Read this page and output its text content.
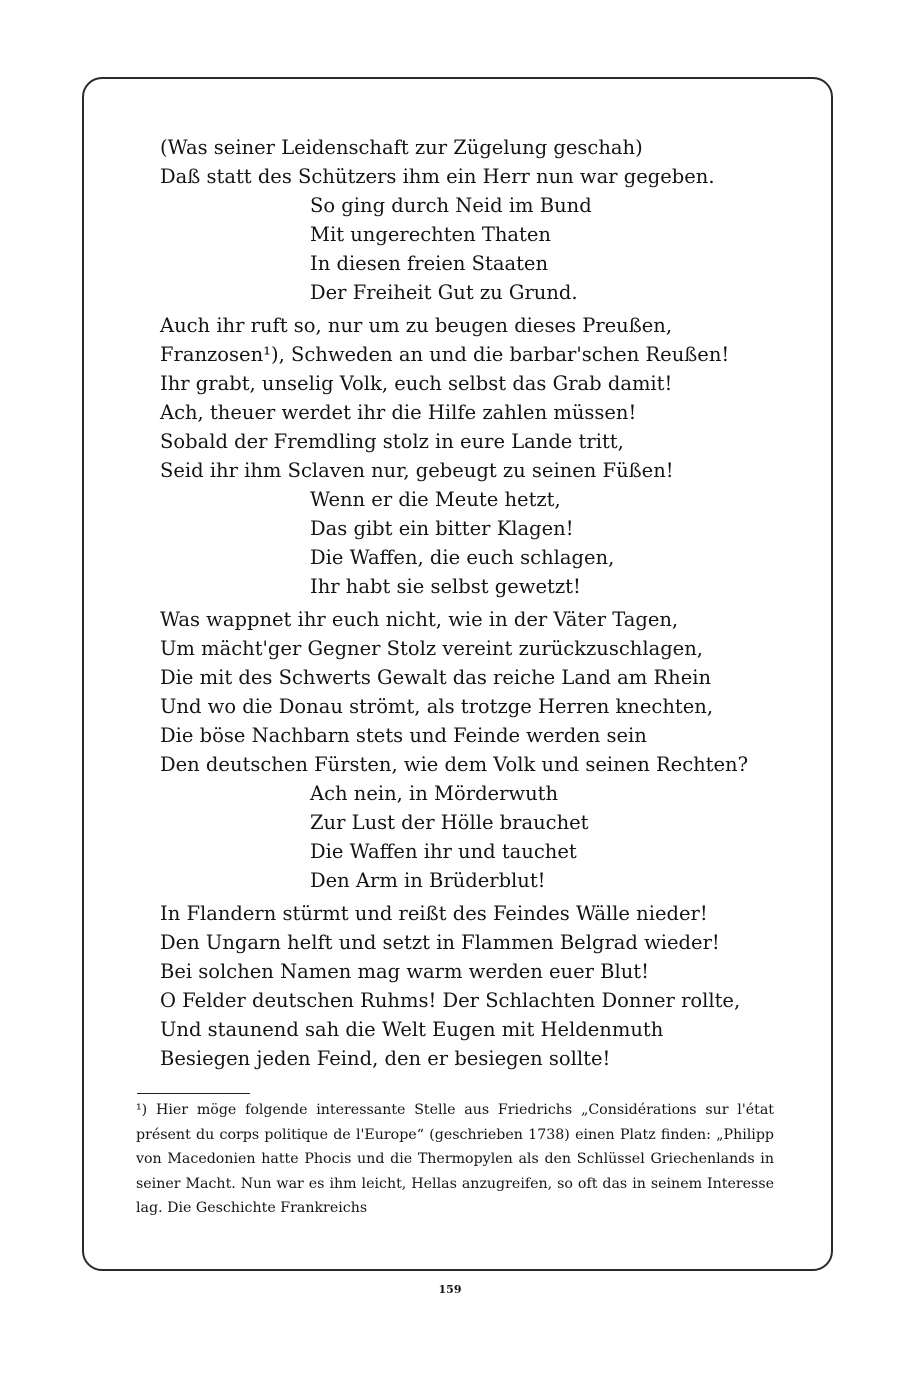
(Was seiner Leidenschaft zur Zügelung geschah)
Daß statt des Schützers ihm ein Herr nun war gegeben.
So ging durch Neid im Bund
Mit ungerechten Thaten
In diesen freien Staaten
Der Freiheit Gut zu Grund.
Auch ihr ruft so, nur um zu beugen dieses Preußen,
Franzosen¹), Schweden an und die barbar'schen Reußen!
Ihr grabt, unselig Volk, euch selbst das Grab damit!
Ach, theuer werdet ihr die Hilfe zahlen müssen!
Sobald der Fremdling stolz in eure Lande tritt,
Seid ihr ihm Sclaven nur, gebeugt zu seinen Füßen!
Wenn er die Meute hetzt,
Das gibt ein bitter Klagen!
Die Waffen, die euch schlagen,
Ihr habt sie selbst gewetzt!
Was wappnet ihr euch nicht, wie in der Väter Tagen,
Um mächt'ger Gegner Stolz vereint zurückzuschlagen,
Die mit des Schwerts Gewalt das reiche Land am Rhein
Und wo die Donau strömt, als trotzge Herren knechten,
Die böse Nachbarn stets und Feinde werden sein
Den deutschen Fürsten, wie dem Volk und seinen Rechten?
Ach nein, in Mörderwuth
Zur Lust der Hölle brauchet
Die Waffen ihr und tauchet
Den Arm in Brüderblut!
In Flandern stürmt und reißt des Feindes Wälle nieder!
Den Ungarn helft und setzt in Flammen Belgrad wieder!
Bei solchen Namen mag warm werden euer Blut!
O Felder deutschen Ruhms! Der Schlachten Donner rollte,
Und staunend sah die Welt Eugen mit Heldenmuth
Besiegen jeden Feind, den er besiegen sollte!
¹) Hier möge folgende interessante Stelle aus Friedrichs „Considérations sur l'état présent du corps politique de l'Europe“ (geschrieben 1738) einen Platz finden: „Philipp von Macedonien hatte Phocis und die Thermopylen als den Schlüssel Griechenlands in seiner Macht. Nun war es ihm leicht, Hellas anzugreifen, so oft das in seinem Interesse lag. Die Geschichte Frankreichs
159
